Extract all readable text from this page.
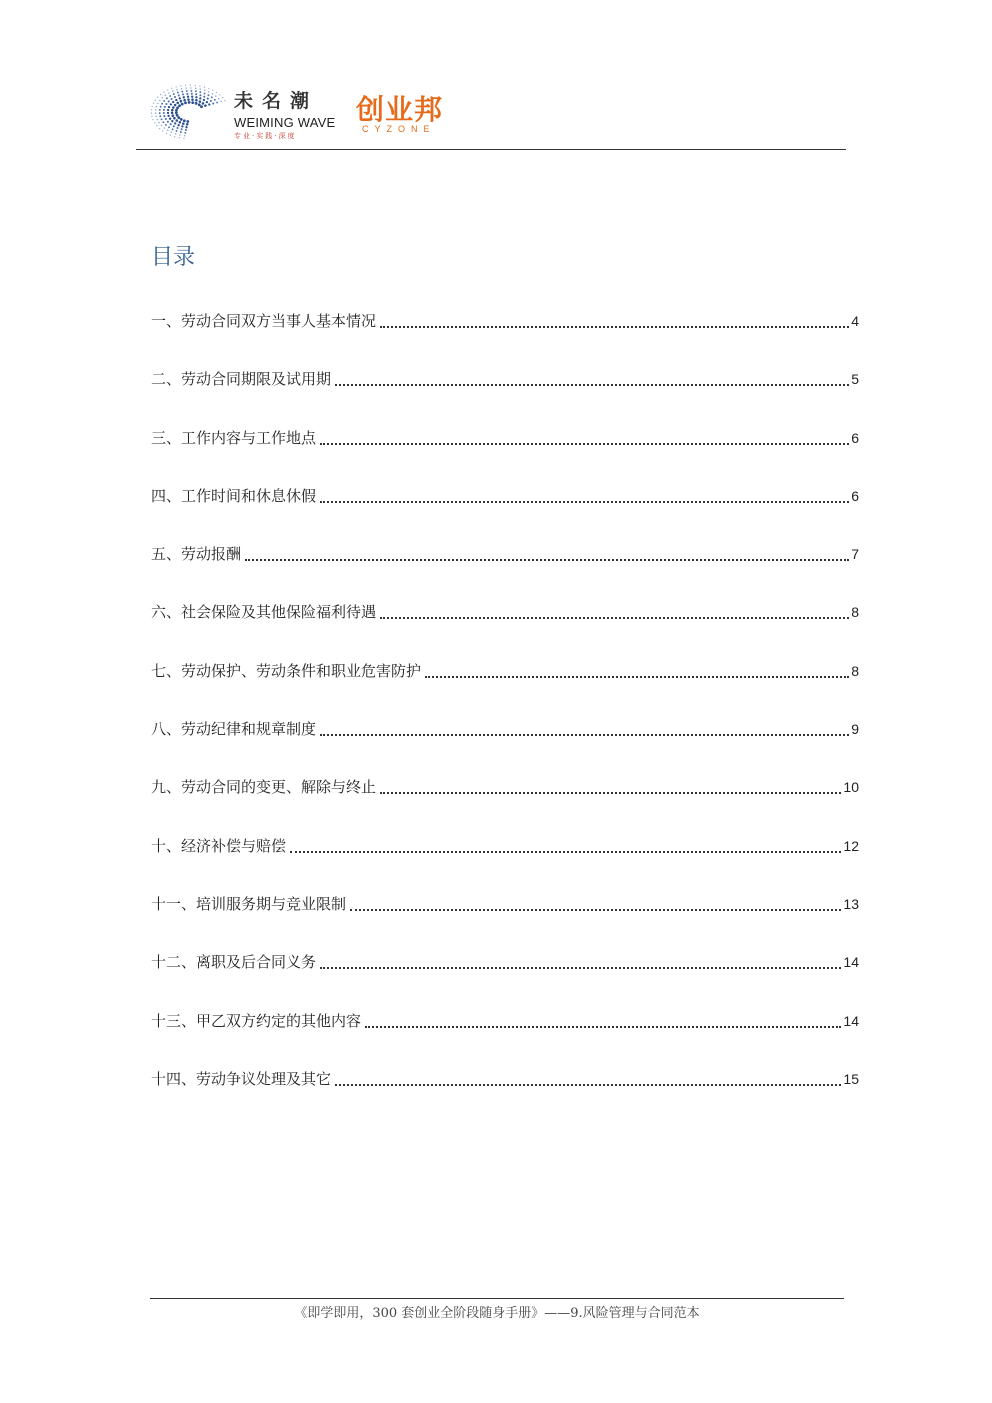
未名潮
WEIMING WAVE
专业·实践·深度
创业邦
CYZONE
目录
一、劳动合同双方当事人基本情况	4
二、劳动合同期限及试用期	5
三、工作内容与工作地点	6
四、工作时间和休息休假	6
五、劳动报酬	7
六、社会保险及其他保险福利待遇	8
七、劳动保护、劳动条件和职业危害防护	8
八、劳动纪律和规章制度	9
九、劳动合同的变更、解除与终止	10
十、经济补偿与赔偿	12
十一、培训服务期与竞业限制	13
十二、离职及后合同义务	14
十三、甲乙双方约定的其他内容	14
十四、劳动争议处理及其它	15
《即学即用，300 套创业全阶段随身手册》——9.风险管理与合同范本
